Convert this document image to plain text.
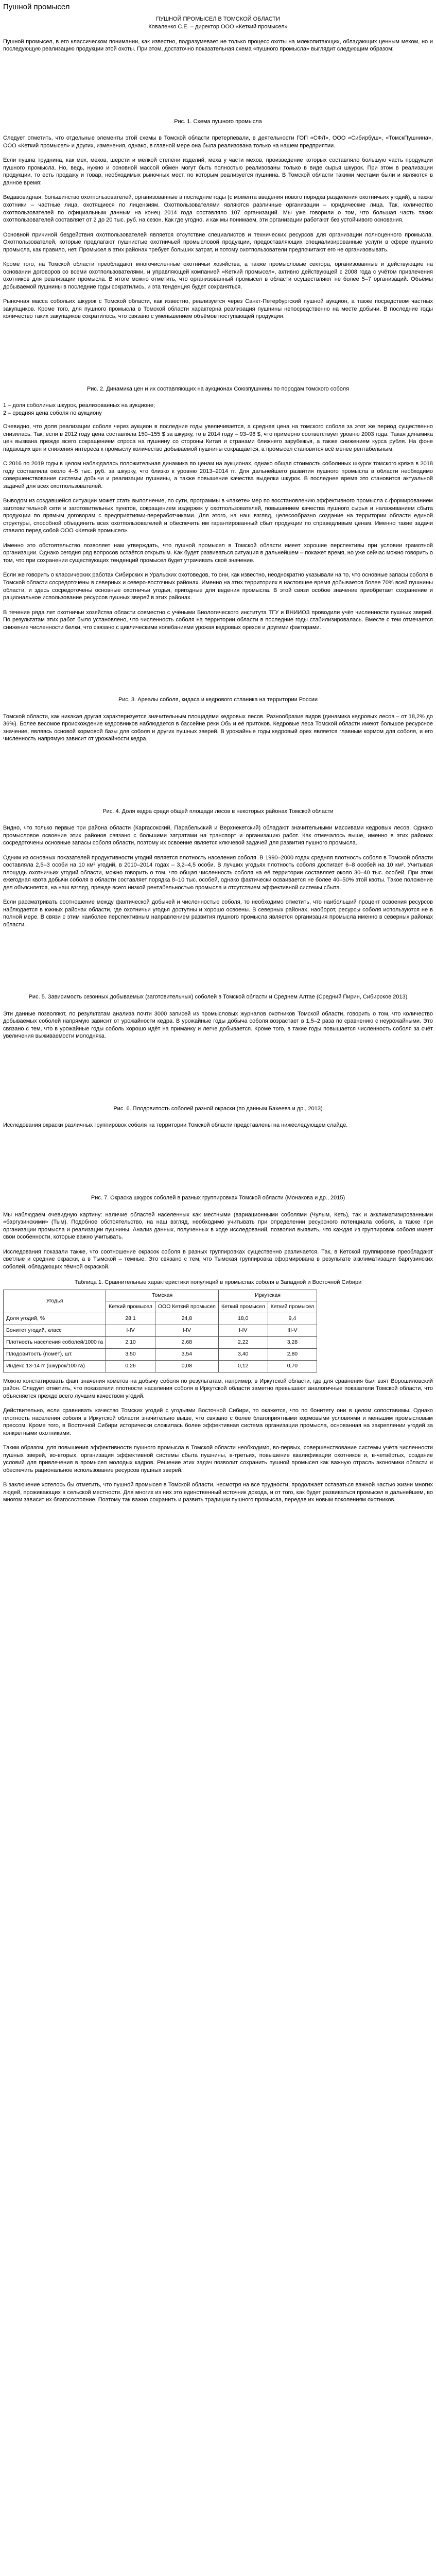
Пушной промысел
ПУШНОЙ ПРОМЫСЕЛ В ТОМСКОЙ ОБЛАСТИ
Коваленко С.Е. – директор ООО «Кеткий промысел»

Пушной промысел, в его классическом понимании, как известно, подразумевает не только процесс охоты на млекопитающих, обладающих ценным мехом, но и последующую реализацию продукции этой охоты. При этом, достаточно показательная схема «пушного промысла» выглядит следующим образом:

Рис. 1. Схема пушного промысла

Следует отметить, что отдельные элементы этой схемы в Томской области претерпевали, в деятельности ГОП «СФЛ», ООО «Сибирбуш», «ТомскПушнина», ООО «Кеткий промысел» и других, изменения, однако, в главной мере она была реализована только на нашем предприятии.

Если пушна труднина, как мех, мехов, шерсти и мелкой степени изделий, меха у части мехов, произведение которых составляло большую часть продукции пушного промысла. Но, ведь, нужно и основной массой обмен могут быть полностью реализованы только в виде сырья шкурок. При этом в реализации продукции, то есть продажу и товар, необходимых рыночных мест, по которым реализуется пушнина. В Томской области такими местами были и являются в данное время:

Ведавовидная: большинство охотпользователей, организованные в последние годы (с момента введения нового порядка разделения охотничьих угодий), а также охотники – частные лица, охотящиеся по лицензиям. Охотпользователями являются различные организации – юридические лица. Так, количество охотпользователей по официальным данным на конец 2014 года составляло 107 организаций. Мы уже говорили о том, что большая часть таких охотпользователей составляет от 2 до 20 тыс. руб. на сезон. Как где угодно, и как мы понимаем, эти организации работают без устойчивого основания.

Основной причиной бездействия охотпользователей является отсутствие специалистов и технических ресурсов для организации полноценного промысла. Охотпользователей, которые предлагают пушнистые охотничьей промысловой продукции, предоставляющих специализированные услуги в сфере пушного промысла, как правило, нет. Промысел в этих районах требует больших затрат, и потому охотпользователи предпочитают его не организовывать.

Кроме того, на Томской области преобладают многочисленные охотничьи хозяйства, а также промысловые сектора, организованные и действующие на основании договоров со всеми охотпользователями, и управляющей компанией «Кеткий промысел», активно действующей с 2008 года с учётом привлечения охотников для реализации промысла. В итоге можно отметить, что организованный промысел в области осуществляют не более 5–7 организаций. Объёмы добываемой пушнины в последние годы сократились, и эта тенденция будет сохраняться.

Рыночная масса собольих шкурок с Томской области, как известно, реализуется через Санкт-Петербургский пушной аукцион, а также посредством частных закупщиков. Кроме того, для пушного промысла в Томской области характерна реализация пушнины непосредственно на месте добычи. В последние годы количество таких закупщиков сократилось, что связано с уменьшением объёмов поступающей продукции.

Рис. 2. Динамика цен и их составляющих на аукционах Союзпушнины по породам томского соболя
1 – доля соболиных шкурок, реализованных на аукционе;
2 – средняя цена соболя по аукциону

Очевидно, что доля реализации соболя через аукцион в последние годы увеличивается, а средняя цена на томского соболя за этот же период существенно снизилась. Так, если в 2012 году цена составляла 150–155 $ за шкурку, то в 2014 году – 93–96 $, что примерно соответствует уровню 2003 года. Такая динамика цен вызвана прежде всего сокращением спроса на пушнину со стороны Китая и странами ближнего зарубежья, а также снижением курса рубля. На фоне падающих цен и снижения интереса к промыслу количество добываемой пушнины сокращается, а промысел становится всё менее рентабельным.

С 2016 по 2019 годы в целом наблюдалась положительная динамика по ценам на аукционах, однако общая стоимость соболиных шкурок томского кряжа в 2018 году составляла около 4–5 тыс. руб. за шкурку, что близко к уровню 2013–2014 гг. Для дальнейшего развития пушного промысла в области необходимо совершенствование системы добычи и реализации пушнины, а также повышение качества выделки шкурок. В последнее время это становится актуальной задачей для всех охотпользователей.

Выводом из создавшейся ситуации может стать выполнение, по сути, программы в «пакете» мер по восстановлению эффективного промысла с формированием заготовительной сети и заготовительных пунктов, сокращением издержек у охотпользователей, повышением качества пушного сырья и налаживанием сбыта продукции по прямым договорам с предприятиями-переработчиками. Для этого, на наш взгляд, целесообразно создание на территории области единой структуры, способной объединить всех охотпользователей и обеспечить им гарантированный сбыт продукции по справедливым ценам. Именно такие задачи ставило перед собой ООО «Кеткий промысел».

Именно это обстоятельство позволяет нам утверждать, что пушной промысел в Томской области имеет хорошие перспективы при условии грамотной организации. Однако сегодня ряд вопросов остаётся открытым. Как будет развиваться ситуация в дальнейшем – покажет время, но уже сейчас можно говорить о том, что при сохранении существующих тенденций промысел будет утрачивать своё значение.

Если же говорить о классических работах Сибирских и Уральских охотоведов, то они, как известно, неоднократно указывали на то, что основные запасы соболя в Томской области сосредоточены в северных и северо-восточных районах. Именно на этих территориях в настоящее время добывается более 70% всей пушнины области, и здесь сосредоточены основные охотничьи угодья, пригодные для ведения промысла. В этой связи особое значение приобретает сохранение и рациональное использование ресурсов пушных зверей в этих районах.

В течение ряда лет охотничьи хозяйства области совместно с учёными Биологического института ТГУ и ВНИИОЗ проводили учёт численности пушных зверей. По результатам этих работ было установлено, что численность соболя на территории области в последние годы стабилизировалась. Вместе с тем отмечается снижение численности белки, что связано с циклическими колебаниями урожая кедровых орехов и другими факторами.

Рис. 3. Ареалы соболя, кидаса и кедрового стланика на территории России

Томской области, как никакая другая характеризуется значительным площадями кедровых лесов. Разнообразие видов (динамика кедровых лесов – от 18,2% до 36%). Более весомое происхождение кедровников наблюдается в бассейне реки Обь и её притоков. Кедровые леса Томской области имеют большое ресурсное значение, являясь основой кормовой базы для соболя и других пушных зверей. В урожайные годы кедровый орех является главным кормом для соболя, и его численность напрямую зависит от урожайности кедра.

Рис. 4. Доля кедра среди общей площади лесов в некоторых районах Томской области

Видно, что только первые три района области (Каргасокский, Парабельский и Верхнекетский) обладают значительными массивами кедровых лесов. Однако промысловое освоение этих районов связано с большими затратами на транспорт и организацию работ. Как отмечалось выше, именно в этих районах сосредоточены основные запасы соболя области, поэтому их освоение является ключевой задачей для развития пушного промысла.

Одним из основных показателей продуктивности угодий является плотность населения соболя. В 1990–2000 годах средняя плотность соболя в Томской области составляла 2,5–3 особи на 10 км² угодий, в 2010–2014 годах – 3,2–4,5 особи. В лучших угодьях плотность соболя достигает 6–8 особей на 10 км². Учитывая площадь охотничьих угодий области, можно говорить о том, что общая численность соболя на её территории составляет около 30–40 тыс. особей. При этом ежегодная квота добычи соболя в области составляет порядка 8–10 тыс. особей, однако фактически осваивается не более 40–50% этой квоты. Такое положение дел объясняется, на наш взгляд, прежде всего низкой рентабельностью промысла и отсутствием эффективной системы сбыта.

Если рассматривать соотношение между фактической добычей и численностью соболя, то необходимо отметить, что наибольший процент освоения ресурсов наблюдается в южных районах области, где охотничьи угодья доступны и хорошо освоены. В северных районах, наоборот, ресурсы соболя используются не в полной мере. В связи с этим наиболее перспективным направлением развития пушного промысла является организация промысла именно в северных районах области.

Рис. 5. Зависимость сезонных добываемых (заготовительных) соболей в Томской области и Среднем Алтае (Средний Пирин, Сибирское 2013)

Эти данные позволяют, по результатам анализа почти 3000 записей из промысловых журналов охотников Томской области, говорить о том, что количество добываемых соболей напрямую зависит от урожайности кедра. В урожайные годы добыча соболя возрастает в 1,5–2 раза по сравнению с неурожайными. Это связано с тем, что в урожайные годы соболь хорошо идёт на приманку и легче добывается. Кроме того, в такие годы повышается численность соболя за счёт увеличения выживаемости молодняка.

Рис. 6. Плодовитость соболей разной окраски (по данным Бахеева и др., 2013)

Исследования окраски различных группировок соболя на территории Томской области представлены на нижеследующем слайде.

Рис. 7. Окраска шкурок соболей в разных группировках Томской области (Монакова и др., 2015)

Мы наблюдаем очевидную картину: наличие областей населенных как местными (вариационными соболями (Чулым, Кеть), так и акклиматизированными «баргузинскими» (Тым). Подобное обстоятельство, на наш взгляд, необходимо учитывать при определении ресурсного потенциала соболя, а также при организации промысла и реализации пушнины. Анализ данных, полученных в ходе исследований, позволил выявить, что каждая из группировок соболя имеет свои особенности, которые важно учитывать.

Исследования показали также, что соотношение окрасок соболя в разных группировках существенно различается. Так, в Кетской группировке преобладают светлые и средние окраски, а в Тымской – тёмные. Это связано с тем, что Тымская группировка сформирована в результате акклиматизации баргузинских соболей, обладающих тёмной окраской.

Таблица 1. Сравнительные характеристики популяций в промыслах соболя в Западной и Восточной Сибири
Угодья	Томская		Иркутская	
	Кеткий промысел	ООО Кеткий промысел	Кеткий промысел	Кеткий промысел
Доля угодий, %	28,1	24,8	18,0	9,4
Бонитет угодий, класс	I-IV	I-IV	I-IV	III-V
Плотность населения соболей/1000 га	2,10	2,68	2,22	3,28
Плодовитость (помёт), шт.	3,50	3,54	3,40	2,80
Индекс 13-14 гг (шкурок/100 га)	0,26	0,08	0,12	0,70

Можно констатировать факт значения кометов на добычу соболя по результатам, например, в Иркутской области, где для сравнения был взят Ворошиловский район. Следует отметить, что показатели плотности населения соболя в Иркутской области заметно превышают аналогичные показатели Томской области, что объясняется прежде всего лучшим качеством угодий.

Действительно, если сравнивать качество Томских угодий с угодьями Восточной Сибири, то окажется, что по бонитету они в целом сопоставимы. Однако плотность населения соболя в Иркутской области значительно выше, что связано с более благоприятными кормовыми условиями и меньшим промысловым прессом. Кроме того, в Восточной Сибири исторически сложилась более эффективная система организации промысла, основанная на закреплении угодий за конкретными охотниками.

Таким образом, для повышения эффективности пушного промысла в Томской области необходимо, во-первых, совершенствование системы учёта численности пушных зверей, во-вторых, организация эффективной системы сбыта пушнины, в-третьих, повышение квалификации охотников и, в-четвёртых, создание условий для привлечения в промысел молодых кадров. Решение этих задач позволит сохранить пушной промысел как важную отрасль экономики области и обеспечить рациональное использование ресурсов пушных зверей.

В заключение хотелось бы отметить, что пушной промысел в Томской области, несмотря на все трудности, продолжает оставаться важной частью жизни многих людей, проживающих в сельской местности. Для многих из них это единственный источник дохода, и от того, как будет развиваться промысел в дальнейшем, во многом зависит их благосостояние. Поэтому так важно сохранить и развить традиции пушного промысла, передав их новым поколениям охотников.
